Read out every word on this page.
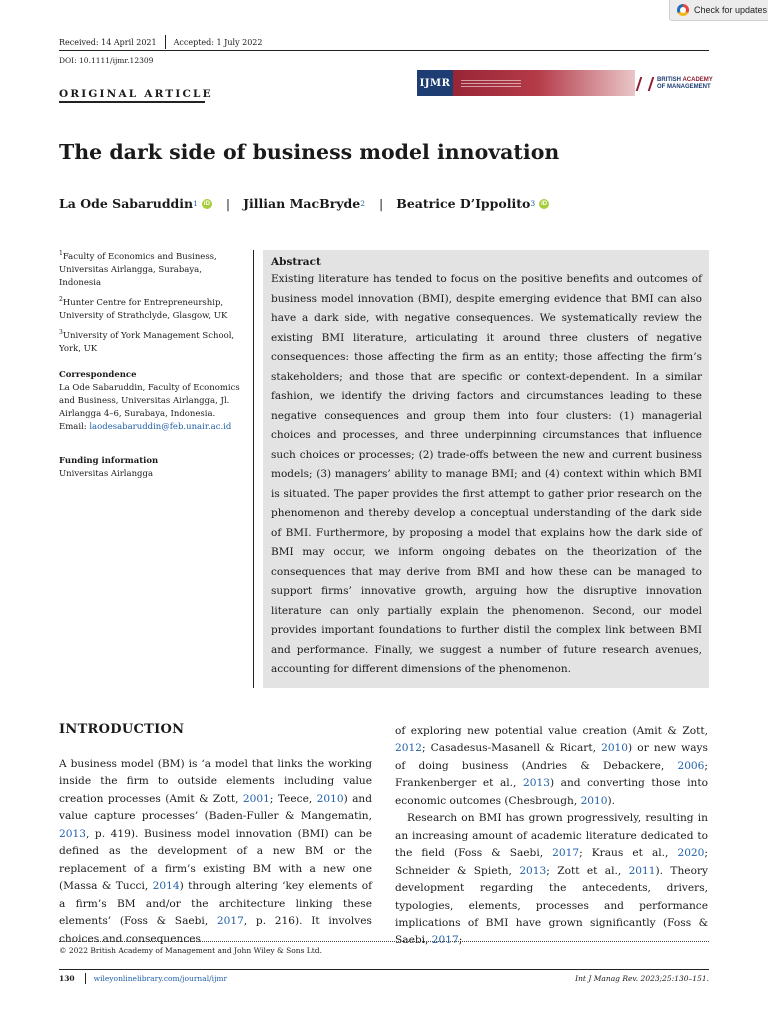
Check for updates
Received: 14 April 2021 Accepted: 1 July 2022
DOI: 10.1111/ijmr.12309
ORIGINAL ARTICLE
IJMR	BRITISH ACADEMY
OF MANAGEMENT
The dark side of business model innovation
La Ode Sabaruddin 1	iD | Jillian MacBryde 2 | Beatrice D’Ippolito 3	iD
$^1$Faculty of Economics and Business, Universitas Airlangga, Surabaya, Indonesia
$^2$Hunter Centre for Entrepreneurship, University of Strathclyde, Glasgow, UK
$^3$University of York Management School, York, UK
Correspondence
La Ode Sabaruddin, Faculty of Economics and Business, Universitas Airlangga, Jl. Airlangga 4–6, Surabaya, Indonesia.
Email: laodesabaruddin@feb.unair.ac.id
Funding information
Universitas Airlangga
Abstract

Existing literature has tended to focus on the positive benefits and outcomes of business model innovation (BMI), despite emerging evidence that BMI can also have a dark side, with negative consequences. We systematically review the existing BMI literature, articulating it around three clusters of negative consequences: those affecting the firm as an entity; those affecting the firm’s stakeholders; and those that are specific or context-dependent. In a similar fashion, we identify the driving factors and circumstances leading to these negative consequences and group them into four clusters: (1) managerial choices and processes, and three underpinning circumstances that influence such choices or processes; (2) trade-offs between the new and current business models; (3) managers’ ability to manage BMI; and (4) context within which BMI is situated. The paper provides the first attempt to gather prior research on the phenomenon and thereby develop a conceptual understanding of the dark side of BMI. Furthermore, by proposing a model that explains how the dark side of BMI may occur, we inform ongoing debates on the theorization of the consequences that may derive from BMI and how these can be managed to support firms’ innovative growth, arguing how the disruptive innovation literature can only partially explain the phenomenon. Second, our model provides important foundations to further distil the complex link between BMI and performance. Finally, we suggest a number of future research avenues, accounting for different dimensions of the phenomenon.

INTRODUCTION

A business model (BM) is ‘a model that links the working inside the firm to outside elements including value creation processes (Amit & Zott, 2001; Teece, 2010) and value capture processes’ (Baden-Fuller & Mangematin, 2013, p. 419). Business model innovation (BMI) can be defined as the development of a new BM or the replacement of a firm’s existing BM with a new one (Massa & Tucci, 2014) through altering ‘key elements of a firm’s BM and/or the architecture linking these elements’ (Foss & Saebi, 2017, p. 216). It involves choices and consequences

of exploring new potential value creation (Amit & Zott, 2012; Casadesus-Masanell & Ricart, 2010) or new ways of doing business (Andries & Debackere, 2006; Frankenberger et al., 2013) and converting those into economic outcomes (Chesbrough, 2010).

Research on BMI has grown progressively, resulting in an increasing amount of academic literature dedicated to the field (Foss & Saebi, 2017; Kraus et al., 2020; Schneider & Spieth, 2013; Zott et al., 2011). Theory development regarding the antecedents, drivers, typologies, elements, processes and performance implications of BMI have grown significantly (Foss & Saebi, 2017;

© 2022 British Academy of Management and John Wiley & Sons Ltd.
130	wileyonlinelibrary.com/journal/ijmr	Int J Manag Rev. 2023;25:130–151.
